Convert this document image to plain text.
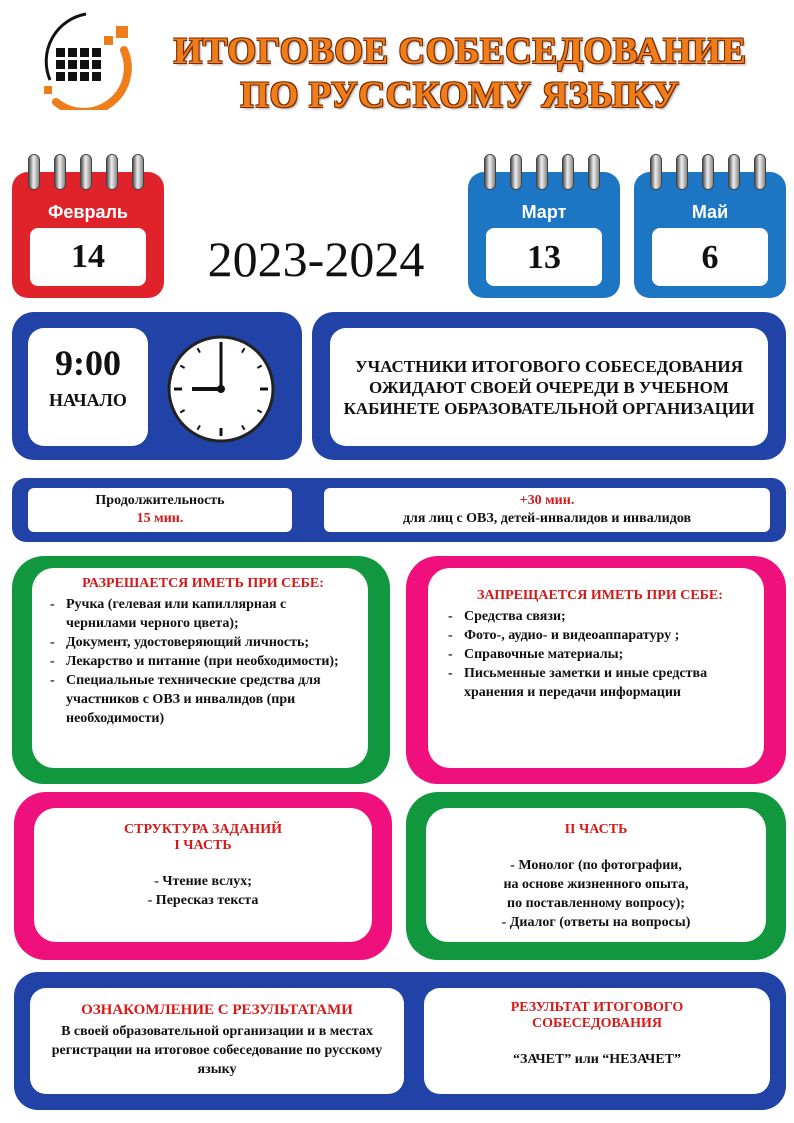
ИТОГОВОЕ СОБЕСЕДОВАНИЕ
ПО РУССКОМУ ЯЗЫКУ
Февраль
14	2023-2024
Март
13
Май
6
9:00
НАЧАЛО
УЧАСТНИКИ ИТОГОВОГО СОБЕСЕДОВАНИЯ ОЖИДАЮТ СВОЕЙ ОЧЕРЕДИ В УЧЕБНОМ КАБИНЕТЕ ОБРАЗОВАТЕЛЬНОЙ ОРГАНИЗАЦИИ
Продолжительность
15 мин.
+30 мин.
для лиц с ОВЗ, детей-инвалидов и инвалидов
РАЗРЕШАЕТСЯ ИМЕТЬ ПРИ СЕБЕ:
- Ручка (гелевая или капиллярная с чернилами черного цвета);
- Документ, удостоверяющий личность;
- Лекарство и питание (при необходимости);
- Специальные технические средства для участников с ОВЗ и инвалидов (при необходимости)
ЗАПРЕЩАЕТСЯ ИМЕТЬ ПРИ СЕБЕ:
- Средства связи;
- Фото-, аудио- и видеоаппаратуру ;
- Справочные материалы;
- Письменные заметки и иные средства хранения и передачи информации
СТРУКТУРА ЗАДАНИЙ
I ЧАСТЬ
- Чтение вслух;
- Пересказ текста
II ЧАСТЬ
- Монолог (по фотографии,
на основе жизненного опыта,
по поставленному вопросу);
- Диалог (ответы на вопросы)
ОЗНАКОМЛЕНИЕ С РЕЗУЛЬТАТАМИ
В своей образовательной организации и в местах регистрации на итоговое собеседование по русскому языку
РЕЗУЛЬТАТ ИТОГОВОГО СОБЕСЕДОВАНИЯ
“ЗАЧЕТ” или “НЕЗАЧЕТ”
